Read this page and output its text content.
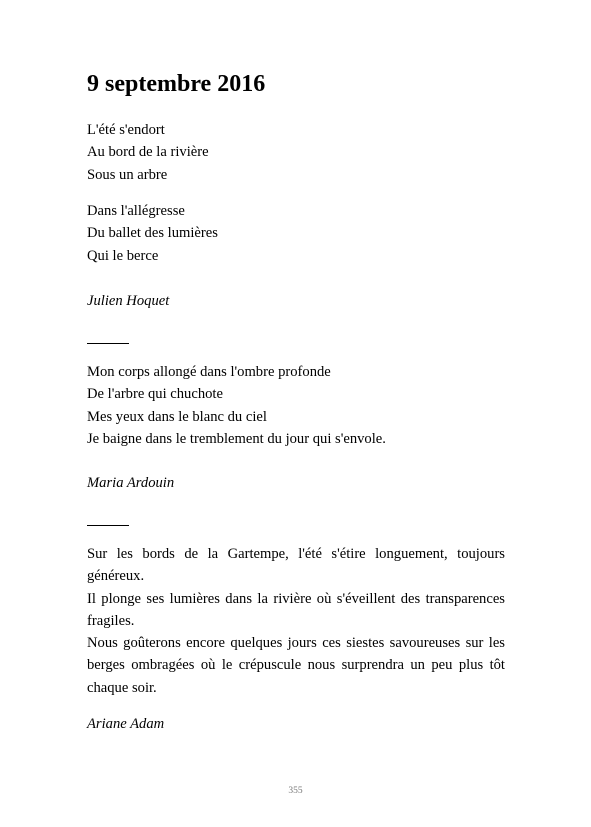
9 septembre 2016
L'été s'endort
Au bord de la rivière
Sous un arbre
Dans l'allégresse
Du ballet des lumières
Qui le berce
Julien Hoquet
Mon corps allongé dans l'ombre profonde
De l'arbre qui chuchote
Mes yeux dans le blanc du ciel
Je baigne dans le tremblement du jour qui s'envole.
Maria Ardouin
Sur les bords de la Gartempe, l'été s'étire longuement, toujours généreux.
Il plonge ses lumières dans la rivière où s'éveillent des transparences fragiles.
Nous goûterons encore quelques jours ces siestes savoureuses sur les berges ombragées où le crépuscule nous surprendra un peu plus tôt chaque soir.
Ariane Adam
355
